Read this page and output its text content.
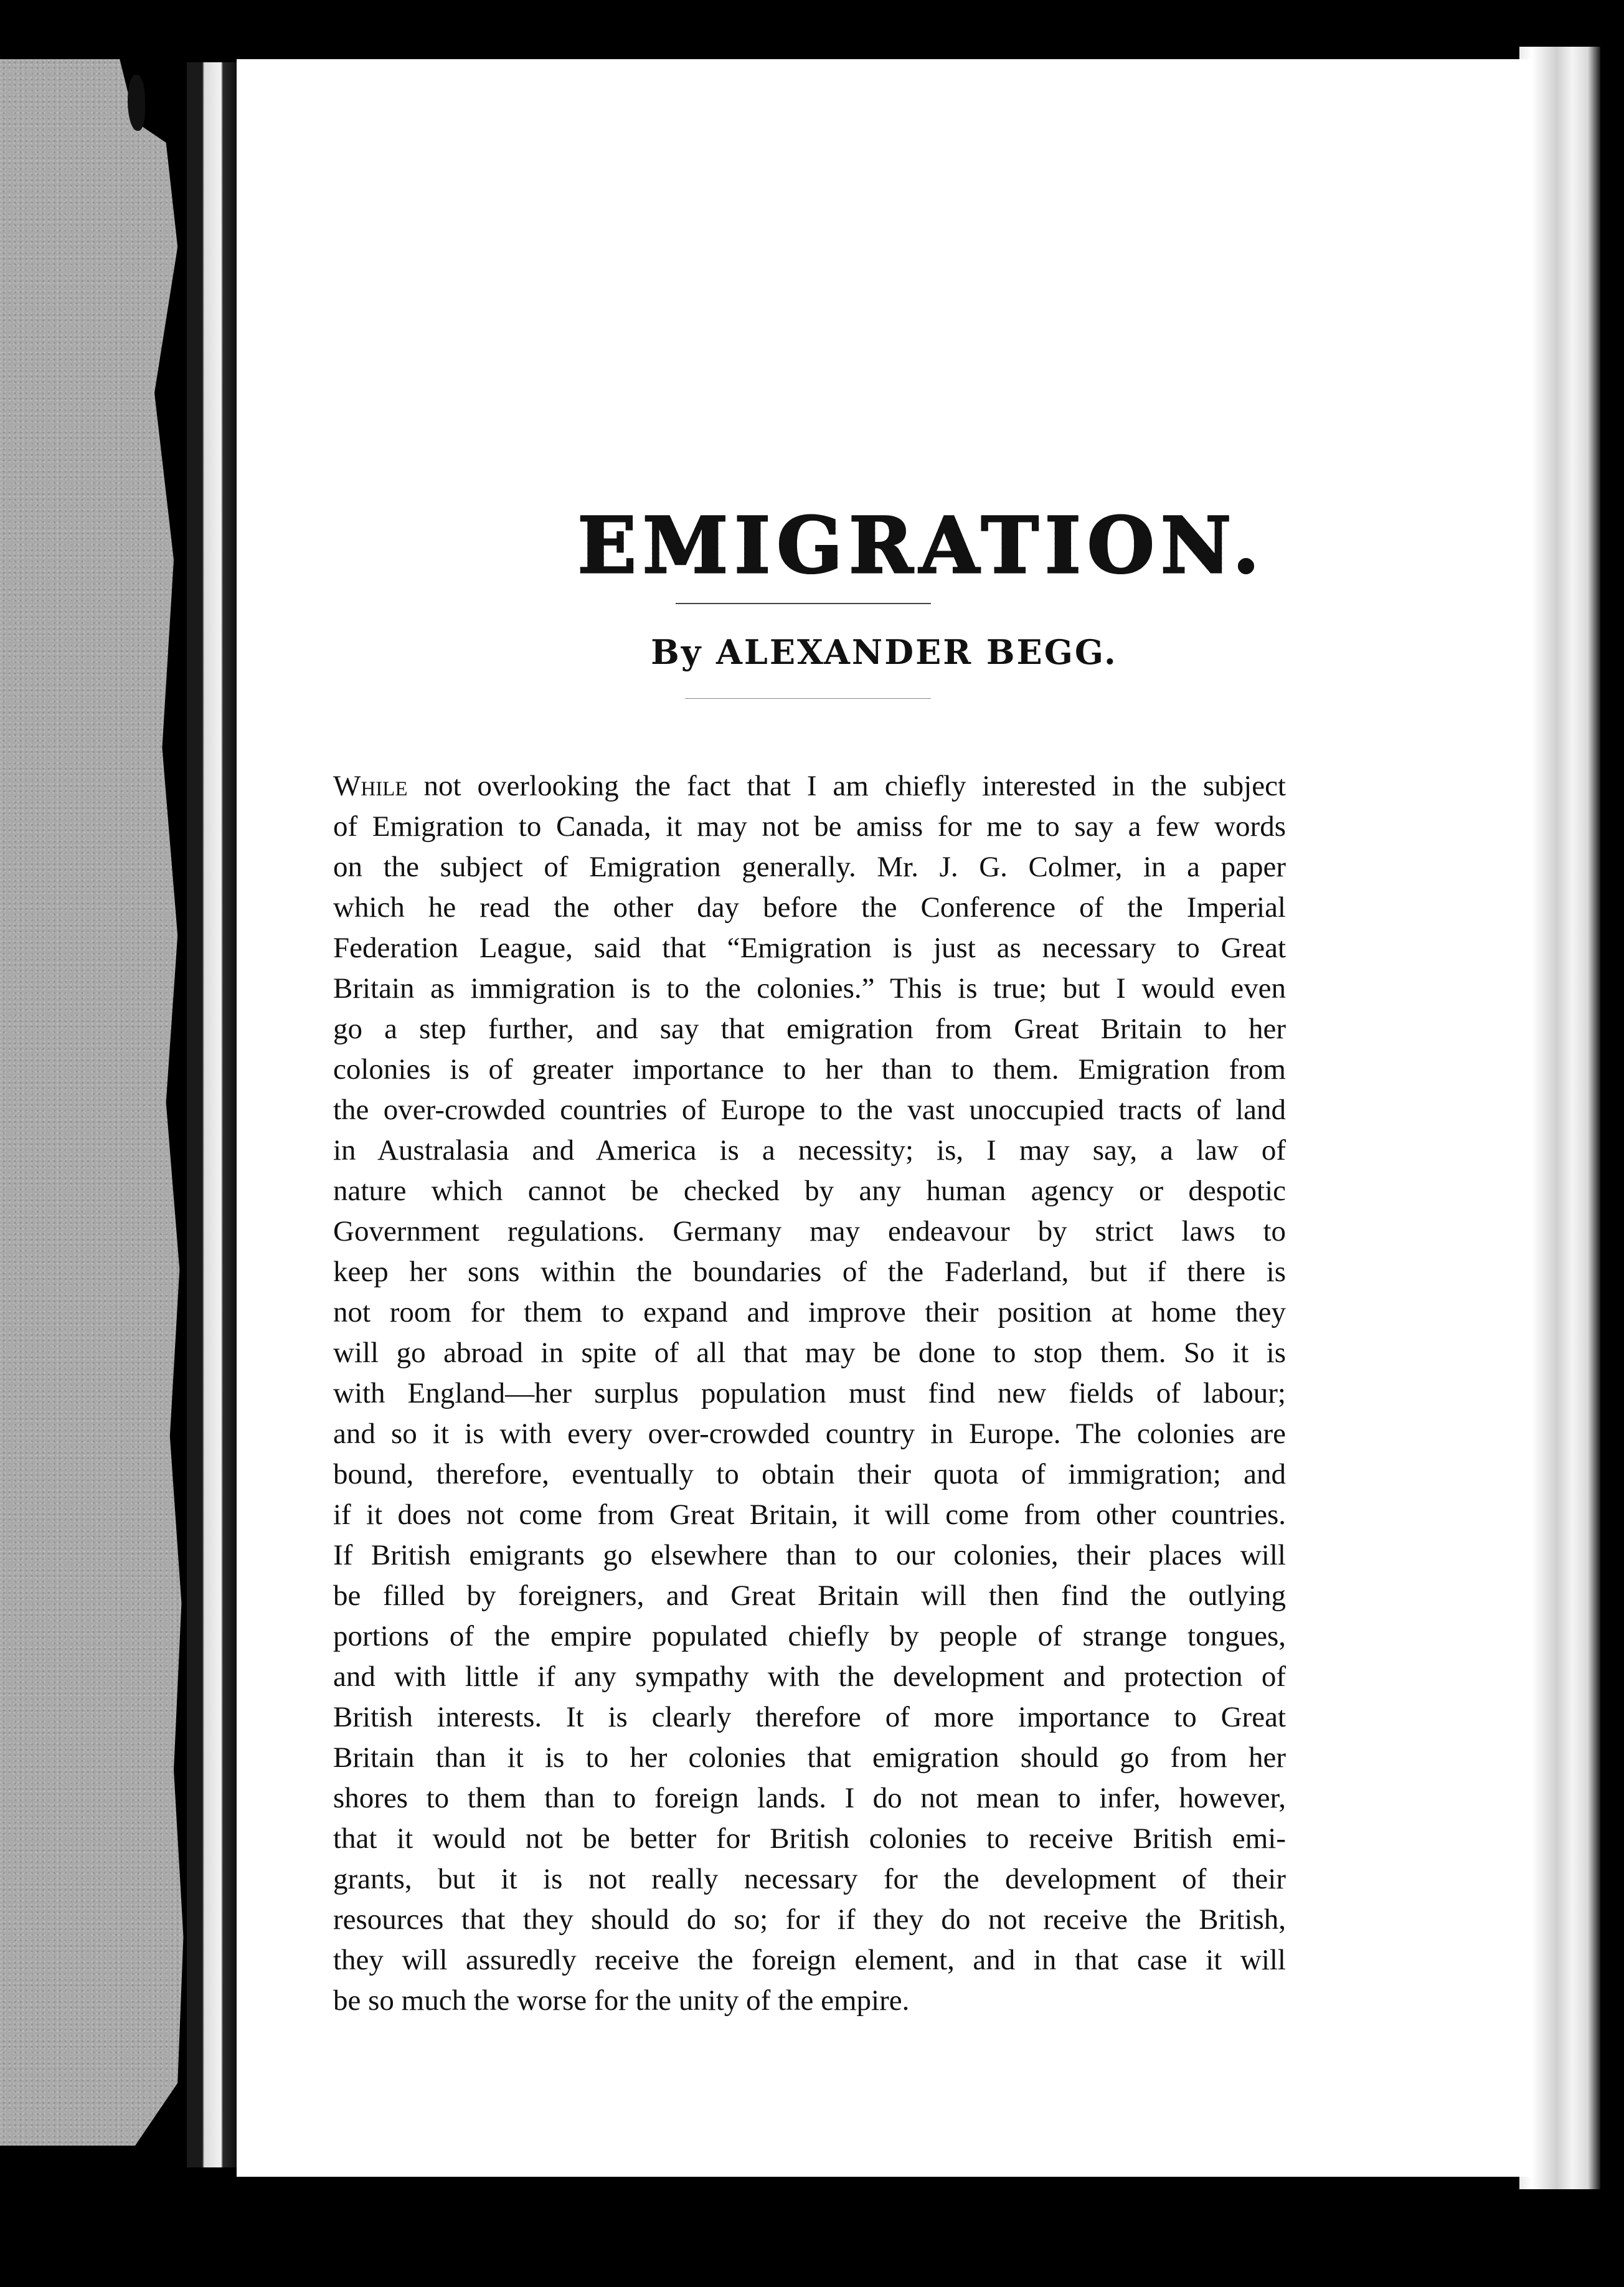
EMIGRATION.
By ALEXANDER BEGG.
While not overlooking the fact that I am chiefly interested in the subject
of Emigration to Canada, it may not be amiss for me to say a few words
on the subject of Emigration generally. Mr. J. G. Colmer, in a paper
which he read the other day before the Conference of the Imperial
Federation League, said that “Emigration is just as necessary to Great
Britain as immigration is to the colonies.” This is true; but I would even
go a step further, and say that emigration from Great Britain to her
colonies is of greater importance to her than to them. Emigration from
the over-crowded countries of Europe to the vast unoccupied tracts of land
in Australasia and America is a necessity; is, I may say, a law of
nature which cannot be checked by any human agency or despotic
Government regulations. Germany may endeavour by strict laws to
keep her sons within the boundaries of the Faderland, but if there is
not room for them to expand and improve their position at home they
will go abroad in spite of all that may be done to stop them. So it is
with England—her surplus population must find new fields of labour;
and so it is with every over-crowded country in Europe. The colonies are
bound, therefore, eventually to obtain their quota of immigration; and
if it does not come from Great Britain, it will come from other countries.
If British emigrants go elsewhere than to our colonies, their places will
be filled by foreigners, and Great Britain will then find the outlying
portions of the empire populated chiefly by people of strange tongues,
and with little if any sympathy with the development and protection of
British interests. It is clearly therefore of more importance to Great
Britain than it is to her colonies that emigration should go from her
shores to them than to foreign lands. I do not mean to infer, however,
that it would not be better for British colonies to receive British emi-
grants, but it is not really necessary for the development of their
resources that they should do so; for if they do not receive the British,
they will assuredly receive the foreign element, and in that case it will
be so much the worse for the unity of the empire.
